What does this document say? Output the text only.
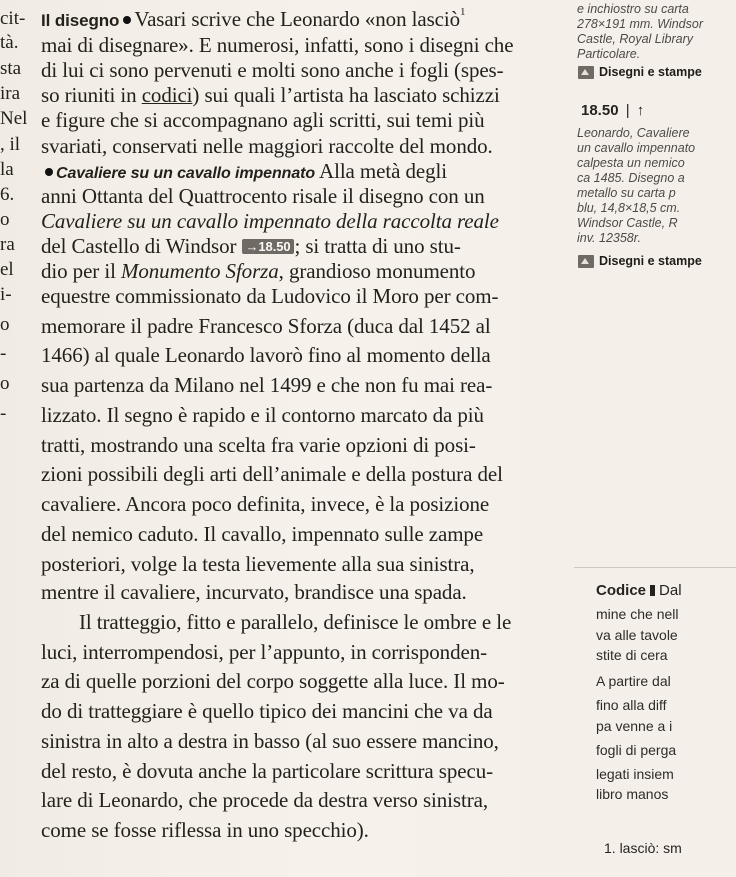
cit-
tà.
sta
ira
Nel
, il
la
6.
o
ra
el
i-
o
-
o
-
Il disegno Vasari scrive che Leonardo «non lasciò$^1$
mai di disegnare». E numerosi, infatti, sono i disegni che
di lui ci sono pervenuti e molti sono anche i fogli (spes-
so riuniti in codici) sui quali l’artista ha lasciato schizzi
e figure che si accompagnano agli scritti, sui temi più
svariati, conservati nelle maggiori raccolte del mondo.
Cavaliere su un cavallo impennato Alla metà degli
anni Ottanta del Quattrocento risale il disegno con un
Cavaliere su un cavallo impennato della raccolta reale
del Castello di Windsor →18.50 ; si tratta di uno stu-
dio per il Monumento Sforza, grandioso monumento
equestre commissionato da Ludovico il Moro per com-
memorare il padre Francesco Sforza (duca dal 1452 al
1466) al quale Leonardo lavorò fino al momento della
sua partenza da Milano nel 1499 e che non fu mai rea-
lizzato. Il segno è rapido e il contorno marcato da più
tratti, mostrando una scelta fra varie opzioni di posi-
zioni possibili degli arti dell’animale e della postura del
cavaliere. Ancora poco definita, invece, è la posizione
del nemico caduto. Il cavallo, impennato sulle zampe
posteriori, volge la testa lievemente alla sua sinistra,
mentre il cavaliere, incurvato, brandisce una spada.
Il tratteggio, fitto e parallelo, definisce le ombre e le
luci, interrompendosi, per l’appunto, in corrisponden-
za di quelle porzioni del corpo soggette alla luce. Il mo-
do di tratteggiare è quello tipico dei mancini che va da
sinistra in alto a destra in basso (al suo essere mancino,
del resto, è dovuta anche la particolare scrittura specu-
lare di Leonardo, che procede da destra verso sinistra,
come se fosse riflessa in uno specchio).
e inchiostro su carta
278×191 mm. Windsor
Castle, Royal Library
Particolare.
Disegni e stampe
18.50 | ↑
Leonardo, Cavaliere
un cavallo impennato
calpesta un nemico
ca 1485. Disegno a
metallo su carta p
blu, 14,8×18,5 cm.
Windsor Castle, R
inv. 12358r.
Disegni e stampe
Codice Dal
mine che nell
va alle tavole
stite di cera
A partire dal
fino alla diff
pa venne a i
fogli di perga
legati insiem
libro manos
1. lasciò: sm
